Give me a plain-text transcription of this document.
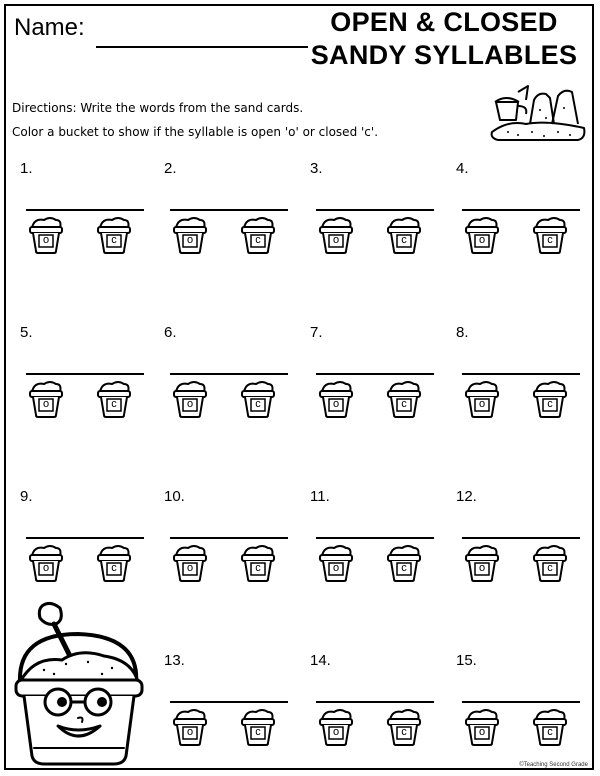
Name:	OPEN & CLOSED
SANDY SYLLABLES
Directions: Write the words from the sand cards.
Color a bucket to show if the syllable is open 'o' or closed 'c'.
1.
o	c
2.
o	c
3.
o	c
4.
o	c
5.
o	c
6.
o	c
7.
o	c
8.
o	c
9.
o	c
10.
o	c
11.
o	c
12.
o	c
13.
o	c
14.
o	c
15.
o	c
©Teaching Second Grade
